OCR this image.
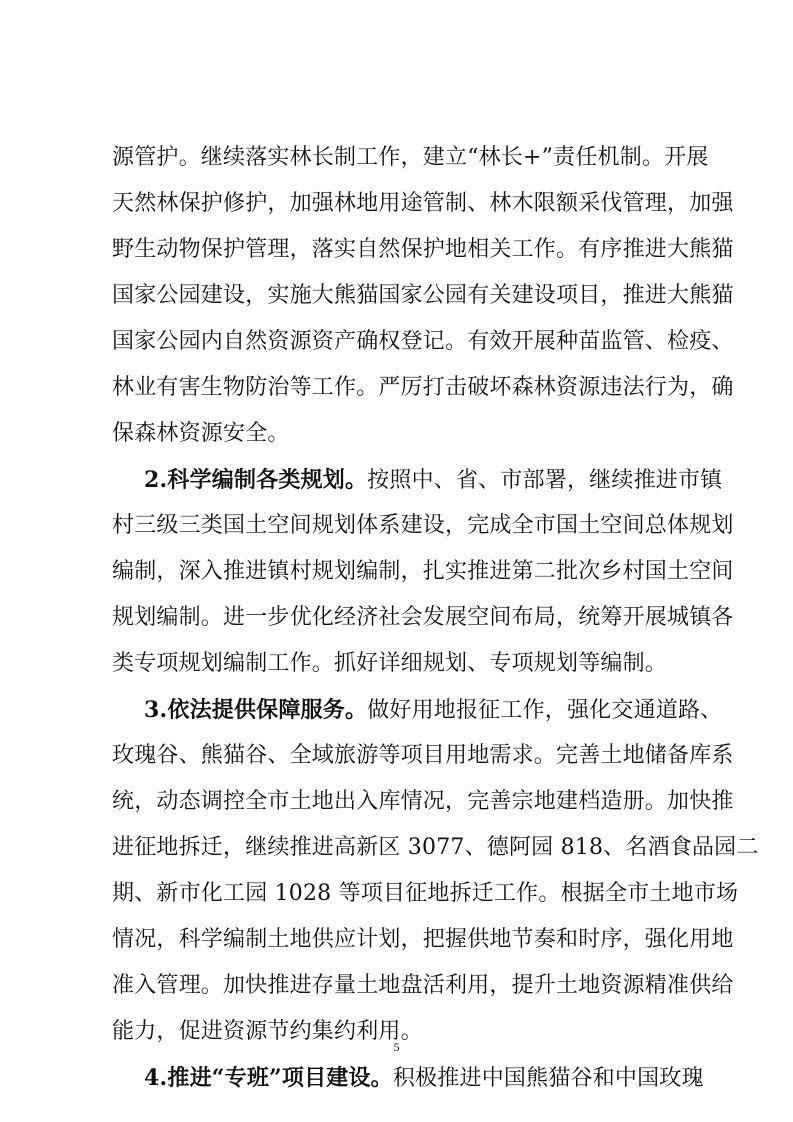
源管护。继续落实林长制工作，建立“林长+”责任机制。开展
天然林保护修护，加强林地用途管制、林木限额采伐管理，加强
野生动物保护管理，落实自然保护地相关工作。有序推进大熊猫
国家公园建设，实施大熊猫国家公园有关建设项目，推进大熊猫
国家公园内自然资源资产确权登记。有效开展种苗监管、检疫、
林业有害生物防治等工作。严厉打击破坏森林资源违法行为，确
保森林资源安全。
2.科学编制各类规划。按照中、省、市部署，继续推进市镇
村三级三类国土空间规划体系建设，完成全市国土空间总体规划
编制，深入推进镇村规划编制，扎实推进第二批次乡村国土空间
规划编制。进一步优化经济社会发展空间布局，统筹开展城镇各
类专项规划编制工作。抓好详细规划、专项规划等编制。
3.依法提供保障服务。做好用地报征工作，强化交通道路、
玫瑰谷、熊猫谷、全域旅游等项目用地需求。完善土地储备库系
统，动态调控全市土地出入库情况，完善宗地建档造册。加快推
进征地拆迁，继续推进高新区 3077、德阿园 818、名酒食品园二
期、新市化工园 1028 等项目征地拆迁工作。根据全市土地市场
情况，科学编制土地供应计划，把握供地节奏和时序，强化用地
准入管理。加快推进存量土地盘活利用，提升土地资源精准供给
能力，促进资源节约集约利用。
4.推进“专班”项目建设。积极推进中国熊猫谷和中国玫瑰
5
